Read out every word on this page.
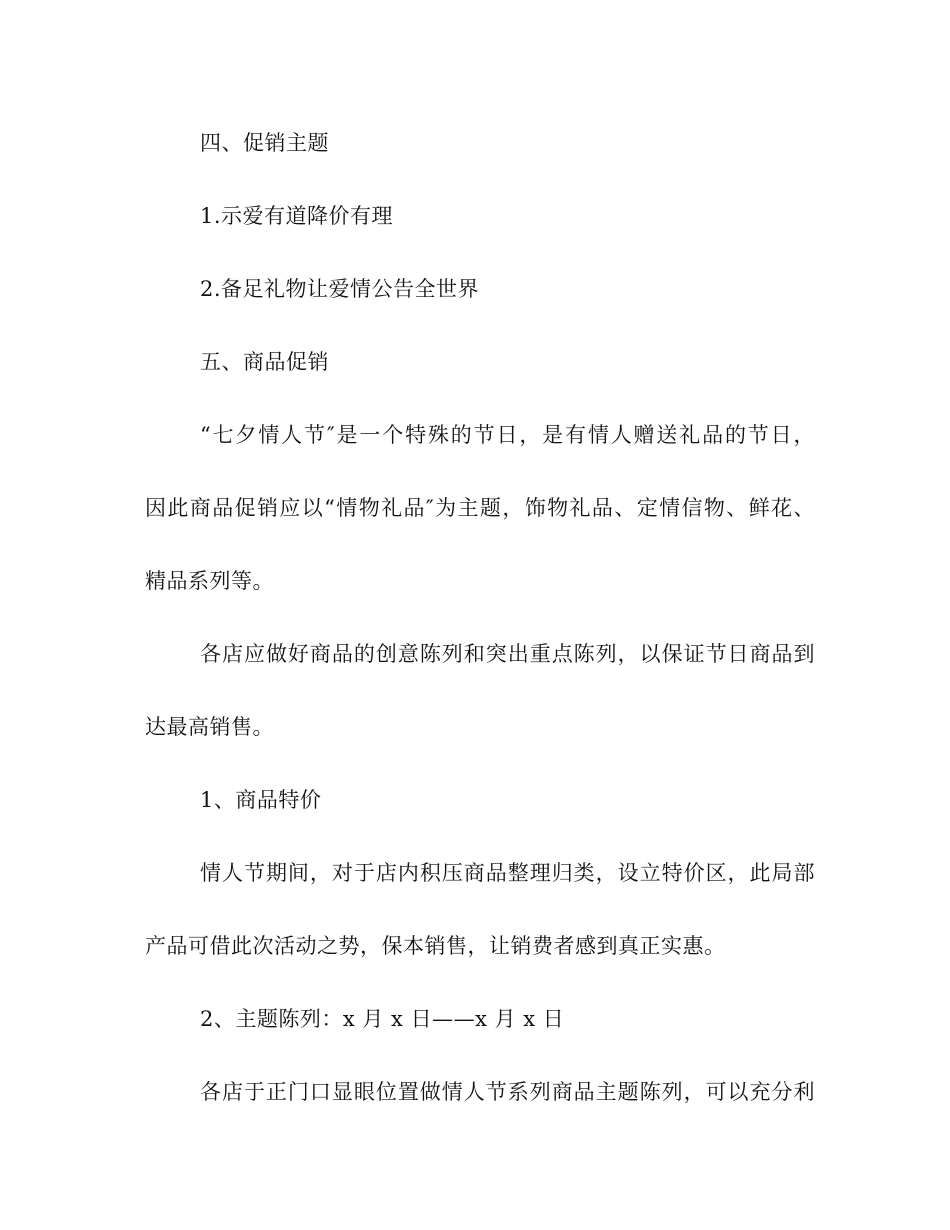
四、促销主题
1.示爱有道降价有理
2.备足礼物让爱情公告全世界
五、商品促销
“七夕情人节″是一个特殊的节日，是有情人赠送礼品的节日，
因此商品促销应以“情物礼品″为主题，饰物礼品、定情信物、鲜花、
精品系列等。
各店应做好商品的创意陈列和突出重点陈列，以保证节日商品到
达最高销售。
1、商品特价
情人节期间，对于店内积压商品整理归类，设立特价区，此局部
产品可借此次活动之势，保本销售，让销费者感到真正实惠。
2、主题陈列：x 月 x 日——x 月 x 日
各店于正门口显眼位置做情人节系列商品主题陈列，可以充分利
